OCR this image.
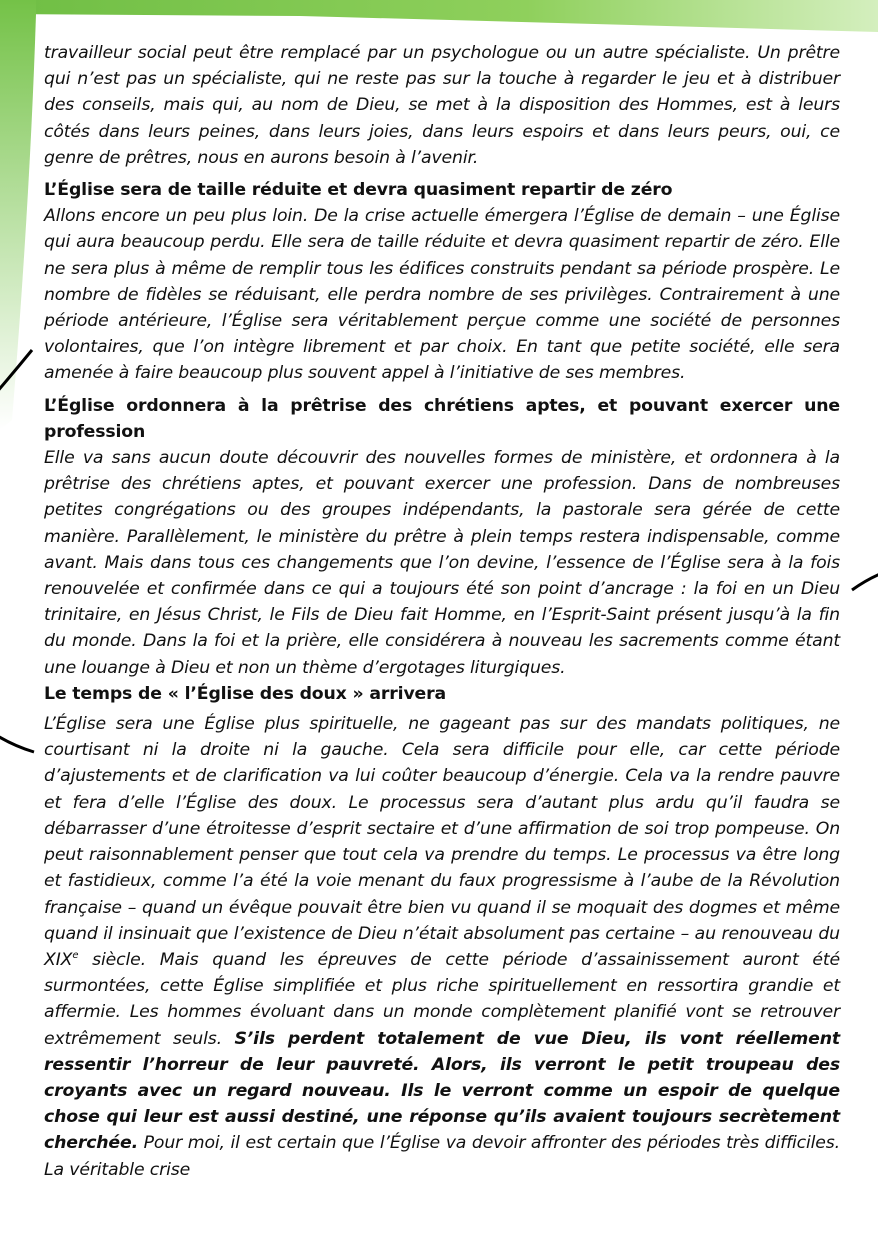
travailleur social peut être remplacé par un psychologue ou un autre spécialiste. Un prêtre qui n’est pas un spécialiste, qui ne reste pas sur la touche à regarder le jeu et à distribuer des conseils, mais qui, au nom de Dieu, se met à la disposition des Hommes, est à leurs côtés dans leurs peines, dans leurs joies, dans leurs espoirs et dans leurs peurs, oui, ce genre de prêtres, nous en aurons besoin à l’avenir.

L’Église sera de taille réduite et devra quasiment repartir de zéro

Allons encore un peu plus loin. De la crise actuelle émergera l’Église de demain – une Église qui aura beaucoup perdu. Elle sera de taille réduite et devra quasiment repartir de zéro. Elle ne sera plus à même de remplir tous les édifices construits pendant sa période prospère. Le nombre de fidèles se réduisant, elle perdra nombre de ses privilèges. Contrairement à une période antérieure, l’Église sera véritablement perçue comme une société de personnes volontaires, que l’on intègre librement et par choix. En tant que petite société, elle sera amenée à faire beaucoup plus souvent appel à l’initiative de ses membres.

L’Église ordonnera à la prêtrise des chrétiens aptes, et pouvant exercer une profession

Elle va sans aucun doute découvrir des nouvelles formes de ministère, et ordonnera à la prêtrise des chrétiens aptes, et pouvant exercer une profession. Dans de nombreuses petites congrégations ou des groupes indépendants, la pastorale sera gérée de cette manière. Parallèlement, le ministère du prêtre à plein temps restera indispensable, comme avant. Mais dans tous ces changements que l’on devine, l’essence de l’Église sera à la fois renouvelée et confirmée dans ce qui a toujours été son point d’ancrage : la foi en un Dieu trinitaire, en Jésus Christ, le Fils de Dieu fait Homme, en l’Esprit-Saint présent jusqu’à la fin du monde. Dans la foi et la prière, elle considérera à nouveau les sacrements comme étant une louange à Dieu et non un thème d’ergotages liturgiques.

Le temps de « l’Église des doux » arrivera

L’Église sera une Église plus spirituelle, ne gageant pas sur des mandats politiques, ne courtisant ni la droite ni la gauche. Cela sera difficile pour elle, car cette période d’ajustements et de clarification va lui coûter beaucoup d’énergie. Cela va la rendre pauvre et fera d’elle l’Église des doux. Le processus sera d’autant plus ardu qu’il faudra se débarrasser d’une étroitesse d’esprit sectaire et d’une affirmation de soi trop pompeuse. On peut raisonnablement penser que tout cela va prendre du temps. Le processus va être long et fastidieux, comme l’a été la voie menant du faux progressisme à l’aube de la Révolution française – quand un évêque pouvait être bien vu quand il se moquait des dogmes et même quand il insinuait que l’existence de Dieu n’était absolument pas certaine – au renouveau du XIXe siècle. Mais quand les épreuves de cette période d’assainissement auront été surmontées, cette Église simplifiée et plus riche spirituellement en ressortira grandie et affermie. Les hommes évoluant dans un monde complètement planifié vont se retrouver extrêmement seuls. S’ils perdent totalement de vue Dieu, ils vont réellement ressentir l’horreur de leur pauvreté. Alors, ils verront le petit troupeau des croyants avec un regard nouveau. Ils le verront comme un espoir de quelque chose qui leur est aussi destiné, une réponse qu’ils avaient toujours secrètement cherchée. Pour moi, il est certain que l’Église va devoir affronter des périodes très difficiles. La véritable crise
